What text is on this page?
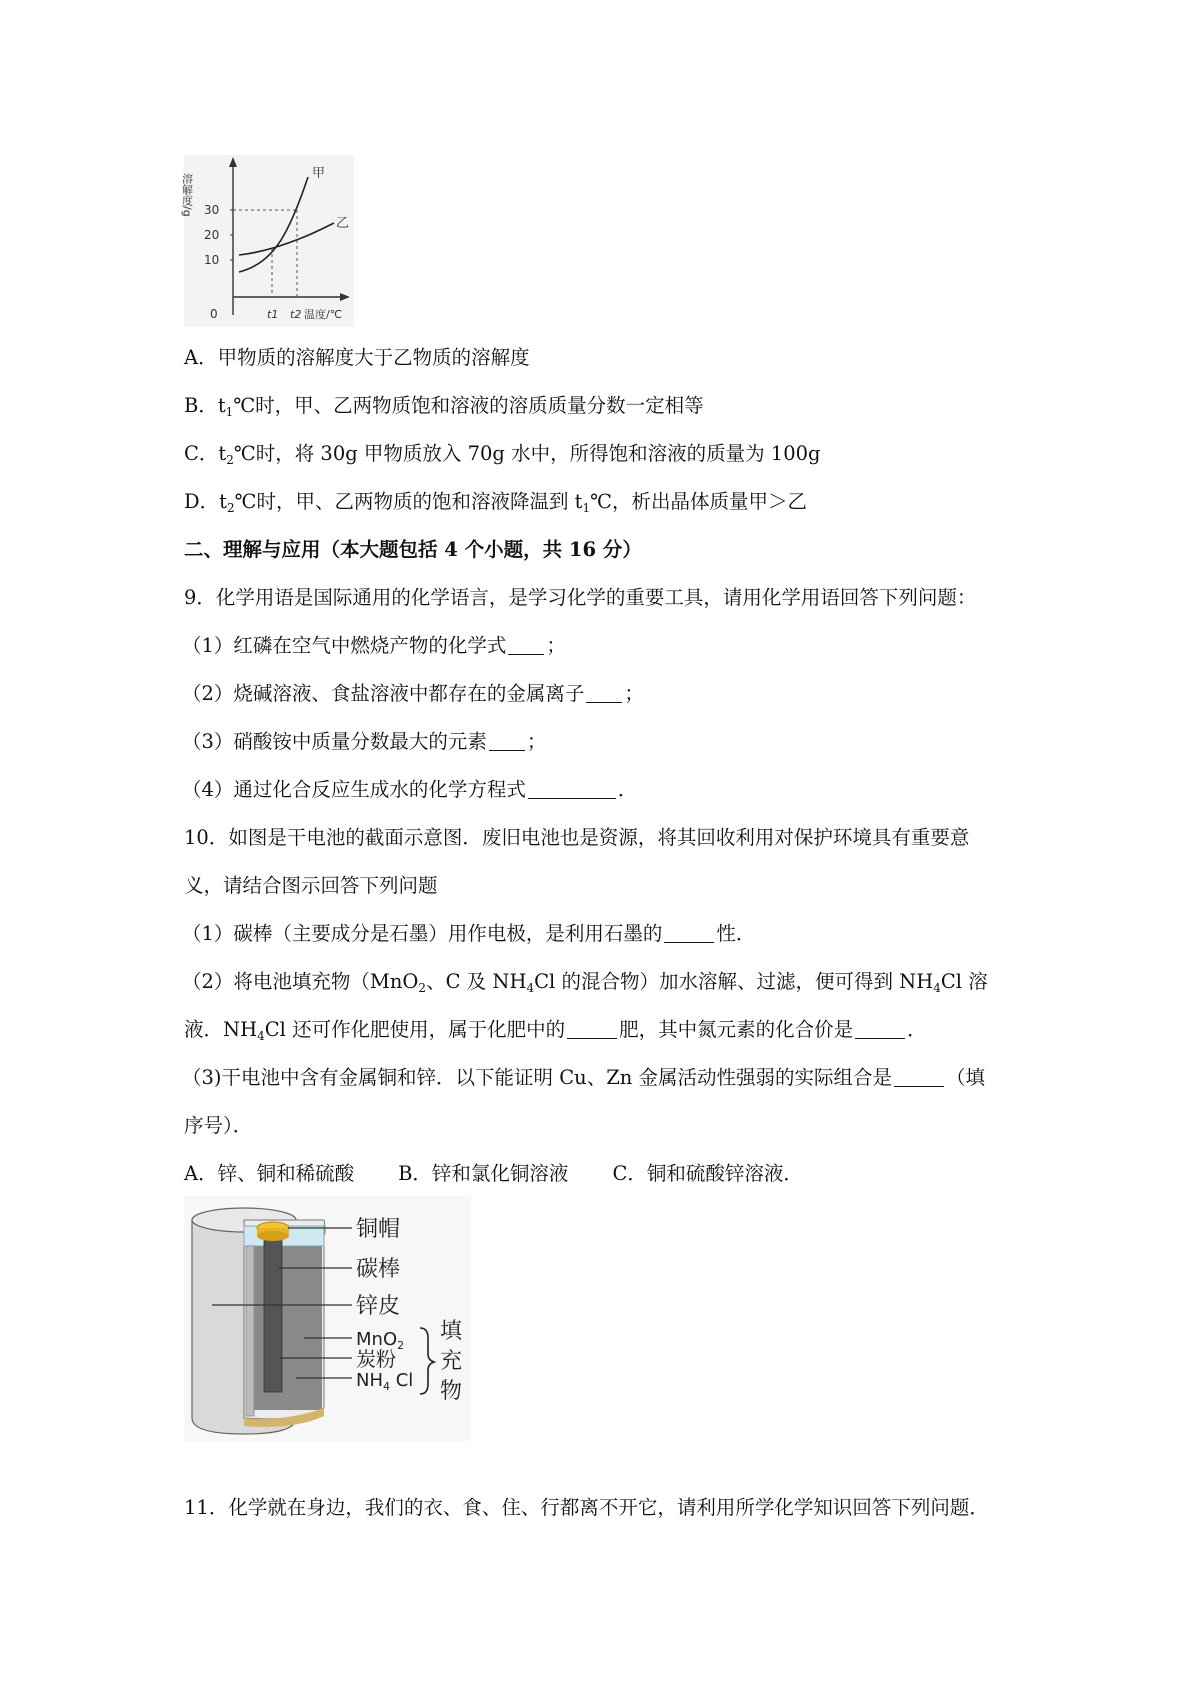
30
20
10
0	t1 t2 温度/℃
溶解度/g	甲
乙
A．甲物质的溶解度大于乙物质的溶解度
B．$t_1℃$时，甲、乙两物质饱和溶液的溶质质量分数一定相等
C．$t_2℃$时，将 30g 甲物质放入 70g 水中，所得饱和溶液的质量为 100g
D．$t_2℃$时，甲、乙两物质的饱和溶液降温到 $t_1℃$，析出晶体质量甲＞乙
二、理解与应用（本大题包括 4 个小题，共 16 分）
9．化学用语是国际通用的化学语言，是学习化学的重要工具，请用化学用语回答下列问题：
（1）红磷在空气中燃烧产物的化学式 ；
（2）烧碱溶液、食盐溶液中都存在的金属离子 ；
（3）硝酸铵中质量分数最大的元素 ；
（4）通过化合反应生成水的化学方程式	．
10．如图是干电池的截面示意图．废旧电池也是资源，将其回收利用对保护环境具有重要意
义，请结合图示回答下列问题
（1）碳棒（主要成分是石墨）用作电极，是利用石墨的	性．
（2）将电池填充物（MnO$_2$、C 及 $NH_4Cl$ 的混合物）加水溶解、过滤，便可得到 $NH_4Cl$ 溶
液．$NH_4Cl$ 还可作化肥使用，属于化肥中的	肥，其中氮元素的化合价是	．
（3)干电池中含有金属铜和锌．以下能证明 Cu、Zn 金属活动性强弱的实际组合是	（填
序号）．
A．锌、铜和稀硫酸 B．锌和氯化铜溶液 C．铜和硫酸锌溶液．
铜帽
碳棒
锌皮
MnO$_2$
炭粉
$NH_4$ Cl
填
充
物
11．化学就在身边，我们的衣、食、住、行都离不开它，请利用所学化学知识回答下列问题．
